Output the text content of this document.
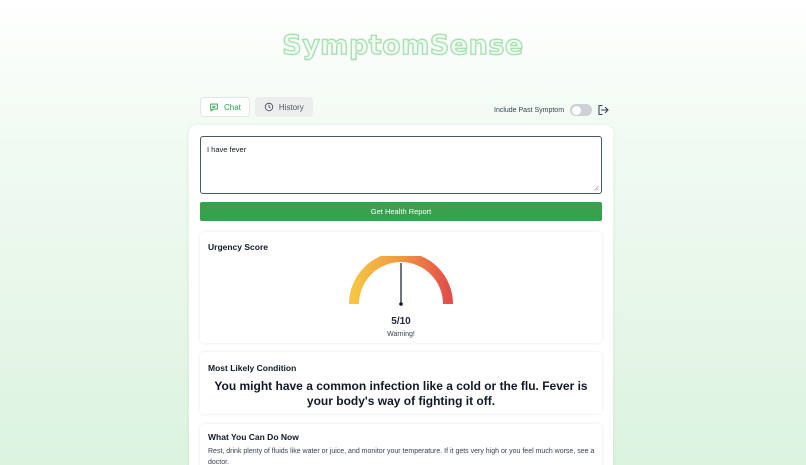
SymptomSense
Chat	History	Include Past Symptom
I have fever
Get Health Report
Urgency Score
5/10
Warning!
Most Likely Condition
You might have a common infection like a cold or the flu. Fever is your body's way of fighting it off.
What You Can Do Now
Rest, drink plenty of fluids like water or juice, and monitor your temperature. If it gets very high or you feel much worse, see a doctor.
